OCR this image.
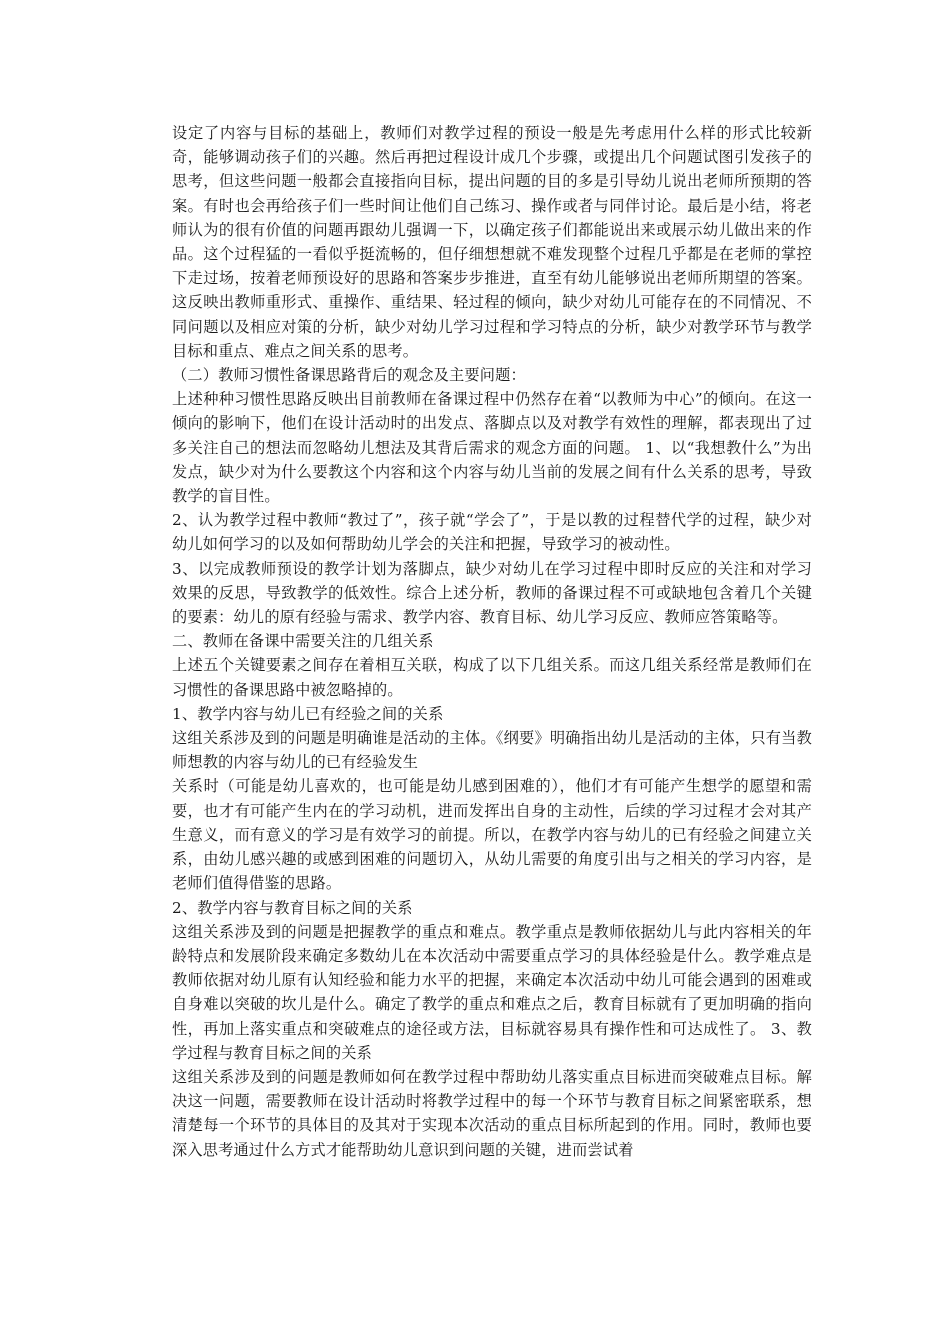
设定了内容与目标的基础上，教师们对教学过程的预设一般是先考虑用什么样的形式比较新奇，能够调动孩子们的兴趣。然后再把过程设计成几个步骤，或提出几个问题试图引发孩子的思考，但这些问题一般都会直接指向目标，提出问题的目的多是引导幼儿说出老师所预期的答案。有时也会再给孩子们一些时间让他们自己练习、操作或者与同伴讨论。最后是小结，将老师认为的很有价值的问题再跟幼儿强调一下，以确定孩子们都能说出来或展示幼儿做出来的作品。这个过程猛的一看似乎挺流畅的，但仔细想想就不难发现整个过程几乎都是在老师的掌控下走过场，按着老师预设好的思路和答案步步推进，直至有幼儿能够说出老师所期望的答案。这反映出教师重形式、重操作、重结果、轻过程的倾向，缺少对幼儿可能存在的不同情况、不同问题以及相应对策的分析，缺少对幼儿学习过程和学习特点的分析，缺少对教学环节与教学目标和重点、难点之间关系的思考。

（二）教师习惯性备课思路背后的观念及主要问题：

上述种种习惯性思路反映出目前教师在备课过程中仍然存在着“以教师为中心”的倾向。在这一倾向的影响下，他们在设计活动时的出发点、落脚点以及对教学有效性的理解，都表现出了过多关注自己的想法而忽略幼儿想法及其背后需求的观念方面的问题。 1、以“我想教什么”为出发点，缺少对为什么要教这个内容和这个内容与幼儿当前的发展之间有什么关系的思考，导致教学的盲目性。

2、认为教学过程中教师“教过了”，孩子就“学会了”，于是以教的过程替代学的过程，缺少对幼儿如何学习的以及如何帮助幼儿学会的关注和把握，导致学习的被动性。

3、以完成教师预设的教学计划为落脚点，缺少对幼儿在学习过程中即时反应的关注和对学习效果的反思，导致教学的低效性。综合上述分析，教师的备课过程不可或缺地包含着几个关键的要素：幼儿的原有经验与需求、教学内容、教育目标、幼儿学习反应、教师应答策略等。

二、教师在备课中需要关注的几组关系

上述五个关键要素之间存在着相互关联，构成了以下几组关系。而这几组关系经常是教师们在习惯性的备课思路中被忽略掉的。

1、教学内容与幼儿已有经验之间的关系

这组关系涉及到的问题是明确谁是活动的主体。《纲要》明确指出幼儿是活动的主体，只有当教师想教的内容与幼儿的已有经验发生

关系时（可能是幼儿喜欢的，也可能是幼儿感到困难的），他们才有可能产生想学的愿望和需要，也才有可能产生内在的学习动机，进而发挥出自身的主动性，后续的学习过程才会对其产生意义，而有意义的学习是有效学习的前提。所以，在教学内容与幼儿的已有经验之间建立关系，由幼儿感兴趣的或感到困难的问题切入，从幼儿需要的角度引出与之相关的学习内容，是老师们值得借鉴的思路。

2、教学内容与教育目标之间的关系

这组关系涉及到的问题是把握教学的重点和难点。教学重点是教师依据幼儿与此内容相关的年龄特点和发展阶段来确定多数幼儿在本次活动中需要重点学习的具体经验是什么。教学难点是教师依据对幼儿原有认知经验和能力水平的把握，来确定本次活动中幼儿可能会遇到的困难或自身难以突破的坎儿是什么。确定了教学的重点和难点之后，教育目标就有了更加明确的指向性，再加上落实重点和突破难点的途径或方法，目标就容易具有操作性和可达成性了。 3、教学过程与教育目标之间的关系

这组关系涉及到的问题是教师如何在教学过程中帮助幼儿落实重点目标进而突破难点目标。解决这一问题，需要教师在设计活动时将教学过程中的每一个环节与教育目标之间紧密联系，想清楚每一个环节的具体目的及其对于实现本次活动的重点目标所起到的作用。同时，教师也要深入思考通过什么方式才能帮助幼儿意识到问题的关键，进而尝试着
